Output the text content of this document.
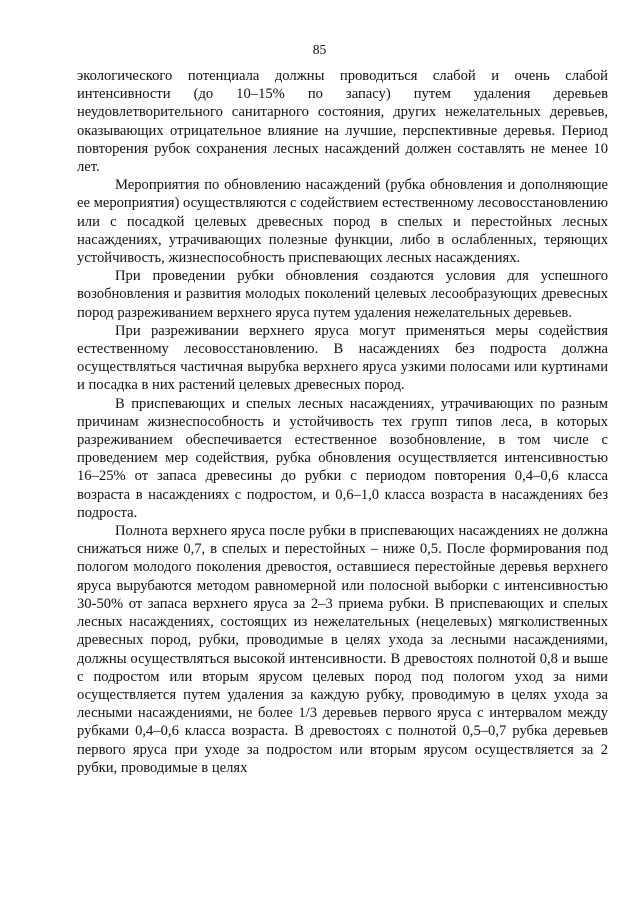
85

экологического потенциала должны проводиться слабой и очень слабой интенсивности (до 10–15% по запасу) путем удаления деревьев неудовлетворительного санитарного состояния, других нежелательных деревьев, оказывающих отрицательное влияние на лучшие, перспективные деревья. Период повторения рубок сохранения лесных насаждений должен составлять не менее 10 лет.

Мероприятия по обновлению насаждений (рубка обновления и дополняющие ее мероприятия) осуществляются с содействием естественному лесовосстановлению или с посадкой целевых древесных пород в спелых и перестойных лесных насаждениях, утрачивающих полезные функции, либо в ослабленных, теряющих устойчивость, жизнеспособность приспевающих лесных насаждениях.

При проведении рубки обновления создаются условия для успешного возобновления и развития молодых поколений целевых лесообразующих древесных пород разреживанием верхнего яруса путем удаления нежелательных деревьев.

При разреживании верхнего яруса могут применяться меры содействия естественному лесовосстановлению. В насаждениях без подроста должна осуществляться частичная вырубка верхнего яруса узкими полосами или куртинами и посадка в них растений целевых древесных пород.

В приспевающих и спелых лесных насаждениях, утрачивающих по разным причинам жизнеспособность и устойчивость тех групп типов леса, в которых разреживанием обеспечивается естественное возобновление, в том числе с проведением мер содействия, рубка обновления осуществляется интенсивностью 16–25% от запаса древесины до рубки с периодом повторения 0,4–0,6 класса возраста в насаждениях с подростом, и 0,6–1,0 класса возраста в насаждениях без подроста.

Полнота верхнего яруса после рубки в приспевающих насаждениях не должна снижаться ниже 0,7, в спелых и перестойных – ниже 0,5. После формирования под пологом молодого поколения древостоя, оставшиеся перестойные деревья верхнего яруса вырубаются методом равномерной или полосной выборки с интенсивностью 30-50% от запаса верхнего яруса за 2–3 приема рубки. В приспевающих и спелых лесных насаждениях, состоящих из нежелательных (нецелевых) мягколиственных древесных пород, рубки, проводимые в целях ухода за лесными насаждениями, должны осуществляться высокой интенсивности. В древостоях полнотой 0,8 и выше с подростом или вторым ярусом целевых пород под пологом уход за ними осуществляется путем удаления за каждую рубку, проводимую в целях ухода за лесными насаждениями, не более 1/3 деревьев первого яруса с интервалом между рубками 0,4–0,6 класса возраста. В древостоях с полнотой 0,5–0,7 рубка деревьев первого яруса при уходе за подростом или вторым ярусом осуществляется за 2 рубки, проводимые в целях
